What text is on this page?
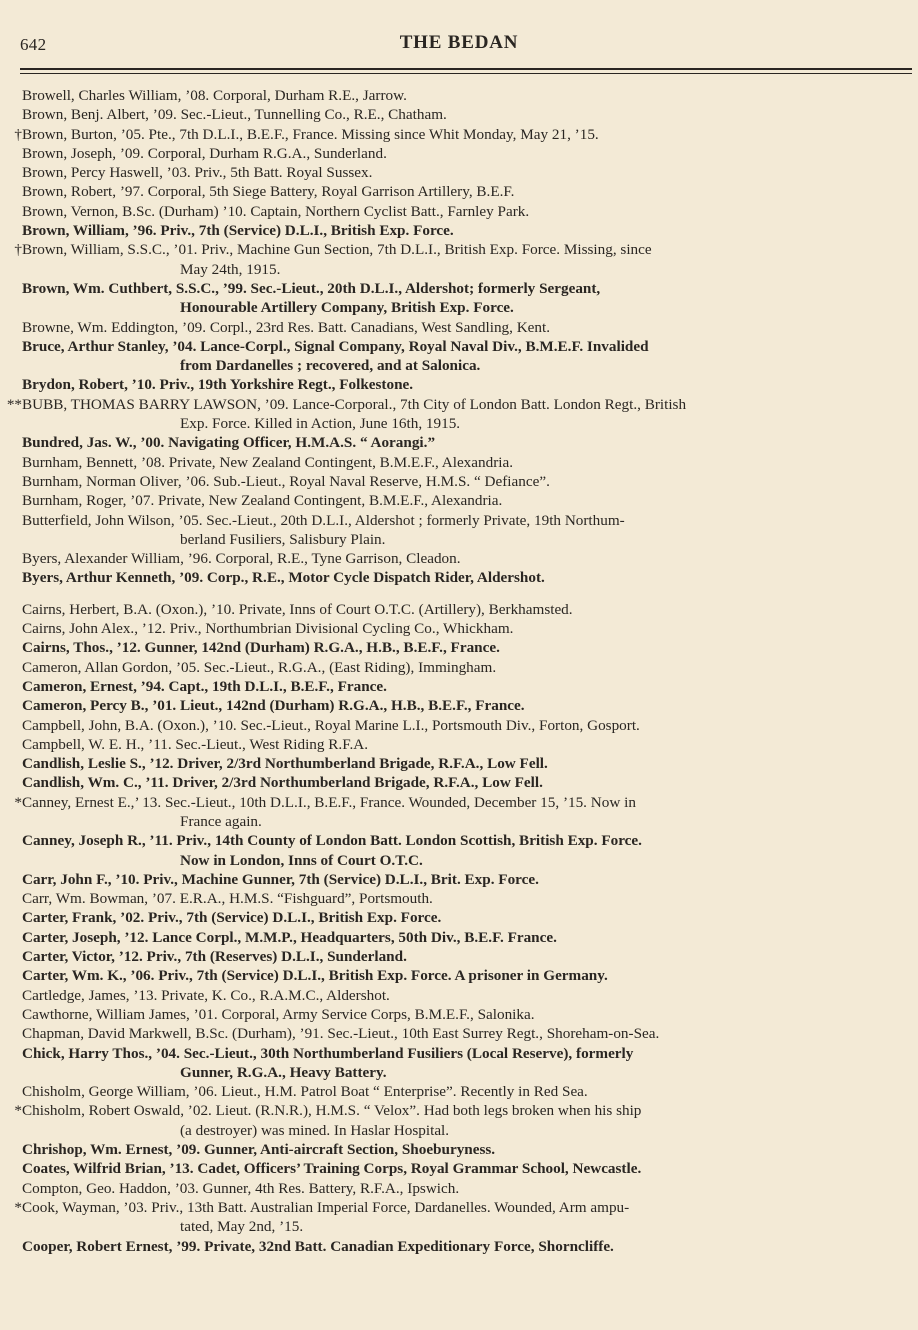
642	THE BEDAN
Browell, Charles William, ’08. Corporal, Durham R.E., Jarrow.
Brown, Benj. Albert, ’09. Sec.-Lieut., Tunnelling Co., R.E., Chatham.
† Brown, Burton, ’05. Pte., 7th D.L.I., B.E.F., France. Missing since Whit Monday, May 21, ’15.
Brown, Joseph, ’09. Corporal, Durham R.G.A., Sunderland.
Brown, Percy Haswell, ’03. Priv., 5th Batt. Royal Sussex.
Brown, Robert, ’97. Corporal, 5th Siege Battery, Royal Garrison Artillery, B.E.F.
Brown, Vernon, B.Sc. (Durham) ’10. Captain, Northern Cyclist Batt., Farnley Park.
Brown, William, ’96. Priv., 7th (Service) D.L.I., British Exp. Force.
† Brown, William, S.S.C., ’01. Priv., Machine Gun Section, 7th D.L.I., British Exp. Force. Missing, since
May 24th, 1915.
Brown, Wm. Cuthbert, S.S.C., ’99. Sec.-Lieut., 20th D.L.I., Aldershot; formerly Sergeant,
Honourable Artillery Company, British Exp. Force.
Browne, Wm. Eddington, ’09. Corpl., 23rd Res. Batt. Canadians, West Sandling, Kent.
Bruce, Arthur Stanley, ’04. Lance-Corpl., Signal Company, Royal Naval Div., B.M.E.F. Invalided
from Dardanelles ; recovered, and at Salonica.
Brydon, Robert, ’10. Priv., 19th Yorkshire Regt., Folkestone.
** BUBB, THOMAS BARRY LAWSON, ’09. Lance-Corporal., 7th City of London Batt. London Regt., British
Exp. Force. Killed in Action, June 16th, 1915.
Bundred, Jas. W., ’00. Navigating Officer, H.M.A.S. “ Aorangi.”
Burnham, Bennett, ’08. Private, New Zealand Contingent, B.M.E.F., Alexandria.
Burnham, Norman Oliver, ’06. Sub.-Lieut., Royal Naval Reserve, H.M.S. “ Defiance”.
Burnham, Roger, ’07. Private, New Zealand Contingent, B.M.E.F., Alexandria.
Butterfield, John Wilson, ’05. Sec.-Lieut., 20th D.L.I., Aldershot ; formerly Private, 19th Northum-
berland Fusiliers, Salisbury Plain.
Byers, Alexander William, ’96. Corporal, R.E., Tyne Garrison, Cleadon.
Byers, Arthur Kenneth, ’09. Corp., R.E., Motor Cycle Dispatch Rider, Aldershot.
Cairns, Herbert, B.A. (Oxon.), ’10. Private, Inns of Court O.T.C. (Artillery), Berkhamsted.
Cairns, John Alex., ’12. Priv., Northumbrian Divisional Cycling Co., Whickham.
Cairns, Thos., ’12. Gunner, 142nd (Durham) R.G.A., H.B., B.E.F., France.
Cameron, Allan Gordon, ’05. Sec.-Lieut., R.G.A., (East Riding), Immingham.
Cameron, Ernest, ’94. Capt., 19th D.L.I., B.E.F., France.
Cameron, Percy B., ’01. Lieut., 142nd (Durham) R.G.A., H.B., B.E.F., France.
Campbell, John, B.A. (Oxon.), ’10. Sec.-Lieut., Royal Marine L.I., Portsmouth Div., Forton, Gosport.
Campbell, W. E. H., ’11. Sec.-Lieut., West Riding R.F.A.
Candlish, Leslie S., ’12. Driver, 2/3rd Northumberland Brigade, R.F.A., Low Fell.
Candlish, Wm. C., ’11. Driver, 2/3rd Northumberland Brigade, R.F.A., Low Fell.
* Canney, Ernest E.,’ 13. Sec.-Lieut., 10th D.L.I., B.E.F., France. Wounded, December 15, ’15. Now in
France again.
Canney, Joseph R., ’11. Priv., 14th County of London Batt. London Scottish, British Exp. Force.
Now in London, Inns of Court O.T.C.
Carr, John F., ’10. Priv., Machine Gunner, 7th (Service) D.L.I., Brit. Exp. Force.
Carr, Wm. Bowman, ’07. E.R.A., H.M.S. “Fishguard”, Portsmouth.
Carter, Frank, ’02. Priv., 7th (Service) D.L.I., British Exp. Force.
Carter, Joseph, ’12. Lance Corpl., M.M.P., Headquarters, 50th Div., B.E.F. France.
Carter, Victor, ’12. Priv., 7th (Reserves) D.L.I., Sunderland.
Carter, Wm. K., ’06. Priv., 7th (Service) D.L.I., British Exp. Force. A prisoner in Germany.
Cartledge, James, ’13. Private, K. Co., R.A.M.C., Aldershot.
Cawthorne, William James, ’01. Corporal, Army Service Corps, B.M.E.F., Salonika.
Chapman, David Markwell, B.Sc. (Durham), ’91. Sec.-Lieut., 10th East Surrey Regt., Shoreham-on-Sea.
Chick, Harry Thos., ’04. Sec.-Lieut., 30th Northumberland Fusiliers (Local Reserve), formerly
Gunner, R.G.A., Heavy Battery.
Chisholm, George William, ’06. Lieut., H.M. Patrol Boat “ Enterprise”. Recently in Red Sea.
* Chisholm, Robert Oswald, ’02. Lieut. (R.N.R.), H.M.S. “ Velox”. Had both legs broken when his ship
(a destroyer) was mined. In Haslar Hospital.
Chrishop, Wm. Ernest, ’09. Gunner, Anti-aircraft Section, Shoeburyness.
Coates, Wilfrid Brian, ’13. Cadet, Officers’ Training Corps, Royal Grammar School, Newcastle.
Compton, Geo. Haddon, ’03. Gunner, 4th Res. Battery, R.F.A., Ipswich.
* Cook, Wayman, ’03. Priv., 13th Batt. Australian Imperial Force, Dardanelles. Wounded, Arm ampu-
tated, May 2nd, ’15.
Cooper, Robert Ernest, ’99. Private, 32nd Batt. Canadian Expeditionary Force, Shorncliffe.
